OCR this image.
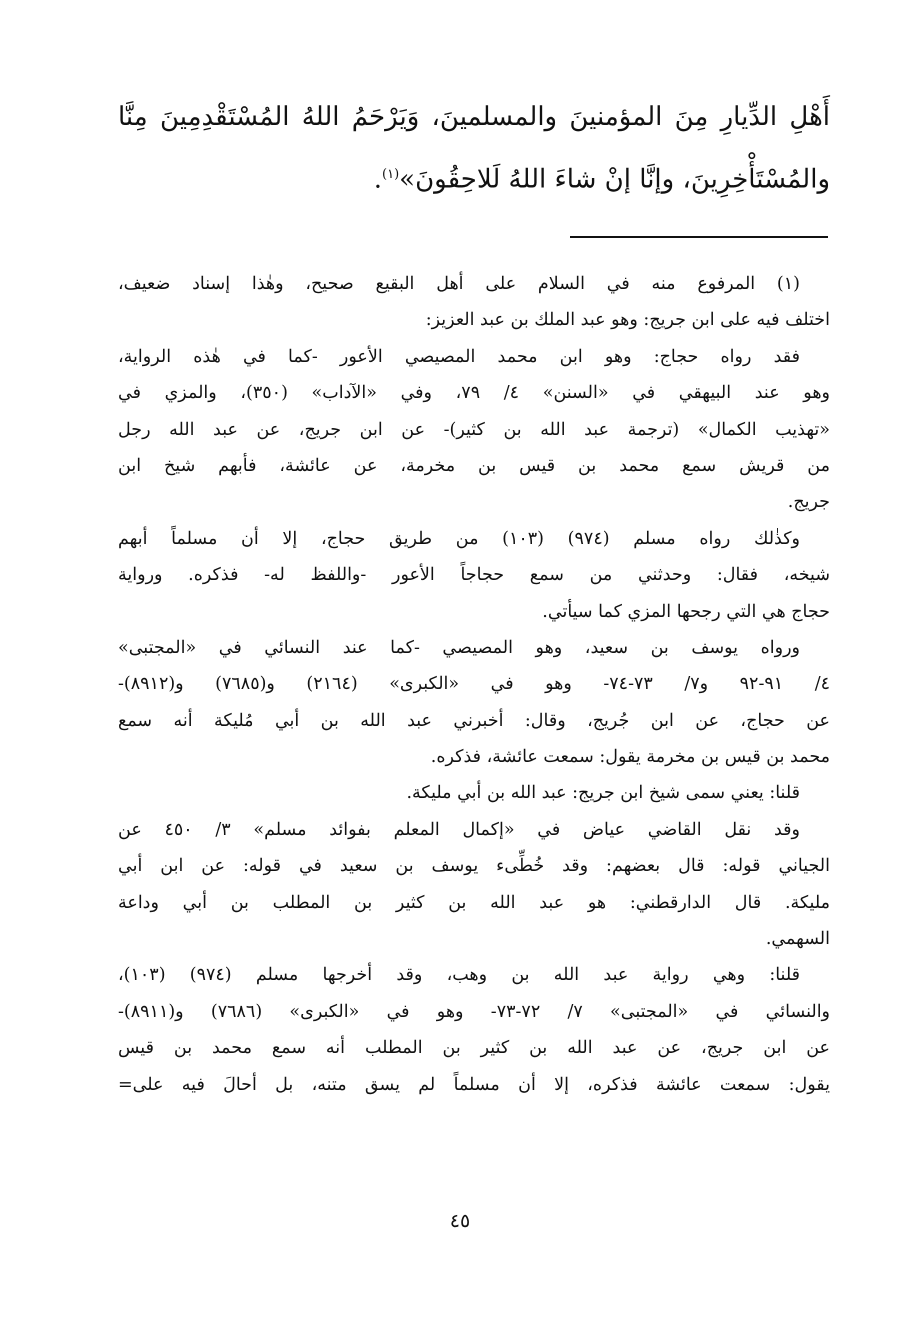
أَهْلِ الدِّيارِ مِنَ المؤمنينَ والمسلمينَ، وَيَرْحَمُ اللهُ المُسْتَقْدِمِينَ مِنَّا
والمُسْتَأْخِرِينَ، وإنَّا إنْ شاءَ اللهُ لَلاحِقُونَ»$^{(١)}$.

(١) المرفوع منه في السلام على أهل البقيع صحيح، وهٰذا إسناد ضعيف،
اختلف فيه على ابن جريج: وهو عبد الملك بن عبد العزيز:
فقد رواه حجاج: وهو ابن محمد المصيصي الأعور -كما في هٰذه الرواية،
وهو عند البيهقي في «السنن» ٤/ ٧٩، وفي «الآداب» (٣٥٠)، والمزي في
«تهذيب الكمال» (ترجمة عبد الله بن كثير)- عن ابن جريج، عن عبد الله رجل
من قريش سمع محمد بن قيس بن مخرمة، عن عائشة، فأبهم شيخ ابن
جريج.
وكذٰلك رواه مسلم (٩٧٤) (١٠٣) من طريق حجاج، إلا أن مسلماً أبهم
شيخه، فقال: وحدثني من سمع حجاجاً الأعور -واللفظ له- فذكره. ورواية
حجاج هي التي رجحها المزي كما سيأتي.
ورواه يوسف بن سعيد، وهو المصيصي -كما عند النسائي في «المجتبى»
٤/ ٩١-٩٢ و٧/ ٧٣-٧٤- وهو في «الكبرى» (٢١٦٤) و(٧٦٨٥) و(٨٩١٢)-
عن حجاج، عن ابن جُريج، وقال: أخبرني عبد الله بن أبي مُليكة أنه سمع
محمد بن قيس بن مخرمة يقول: سمعت عائشة، فذكره.
قلنا: يعني سمى شيخ ابن جريج: عبد الله بن أبي مليكة.
وقد نقل القاضي عياض في «إكمال المعلم بفوائد مسلم» ٣/ ٤٥٠ عن
الجياني قوله: قال بعضهم: وقد خُطِّىء يوسف بن سعيد في قوله: عن ابن أبي
مليكة. قال الدارقطني: هو عبد الله بن كثير بن المطلب بن أبي وداعة
السهمي.
قلنا: وهي رواية عبد الله بن وهب، وقد أخرجها مسلم (٩٧٤) (١٠٣)،
والنسائي في «المجتبى» ٧/ ٧٢-٧٣- وهو في «الكبرى» (٧٦٨٦) و(٨٩١١)-
عن ابن جريج، عن عبد الله بن كثير بن المطلب أنه سمع محمد بن قيس
يقول: سمعت عائشة فذكره، إلا أن مسلماً لم يسق متنه، بل أحالَ فيه على=
٤٥
